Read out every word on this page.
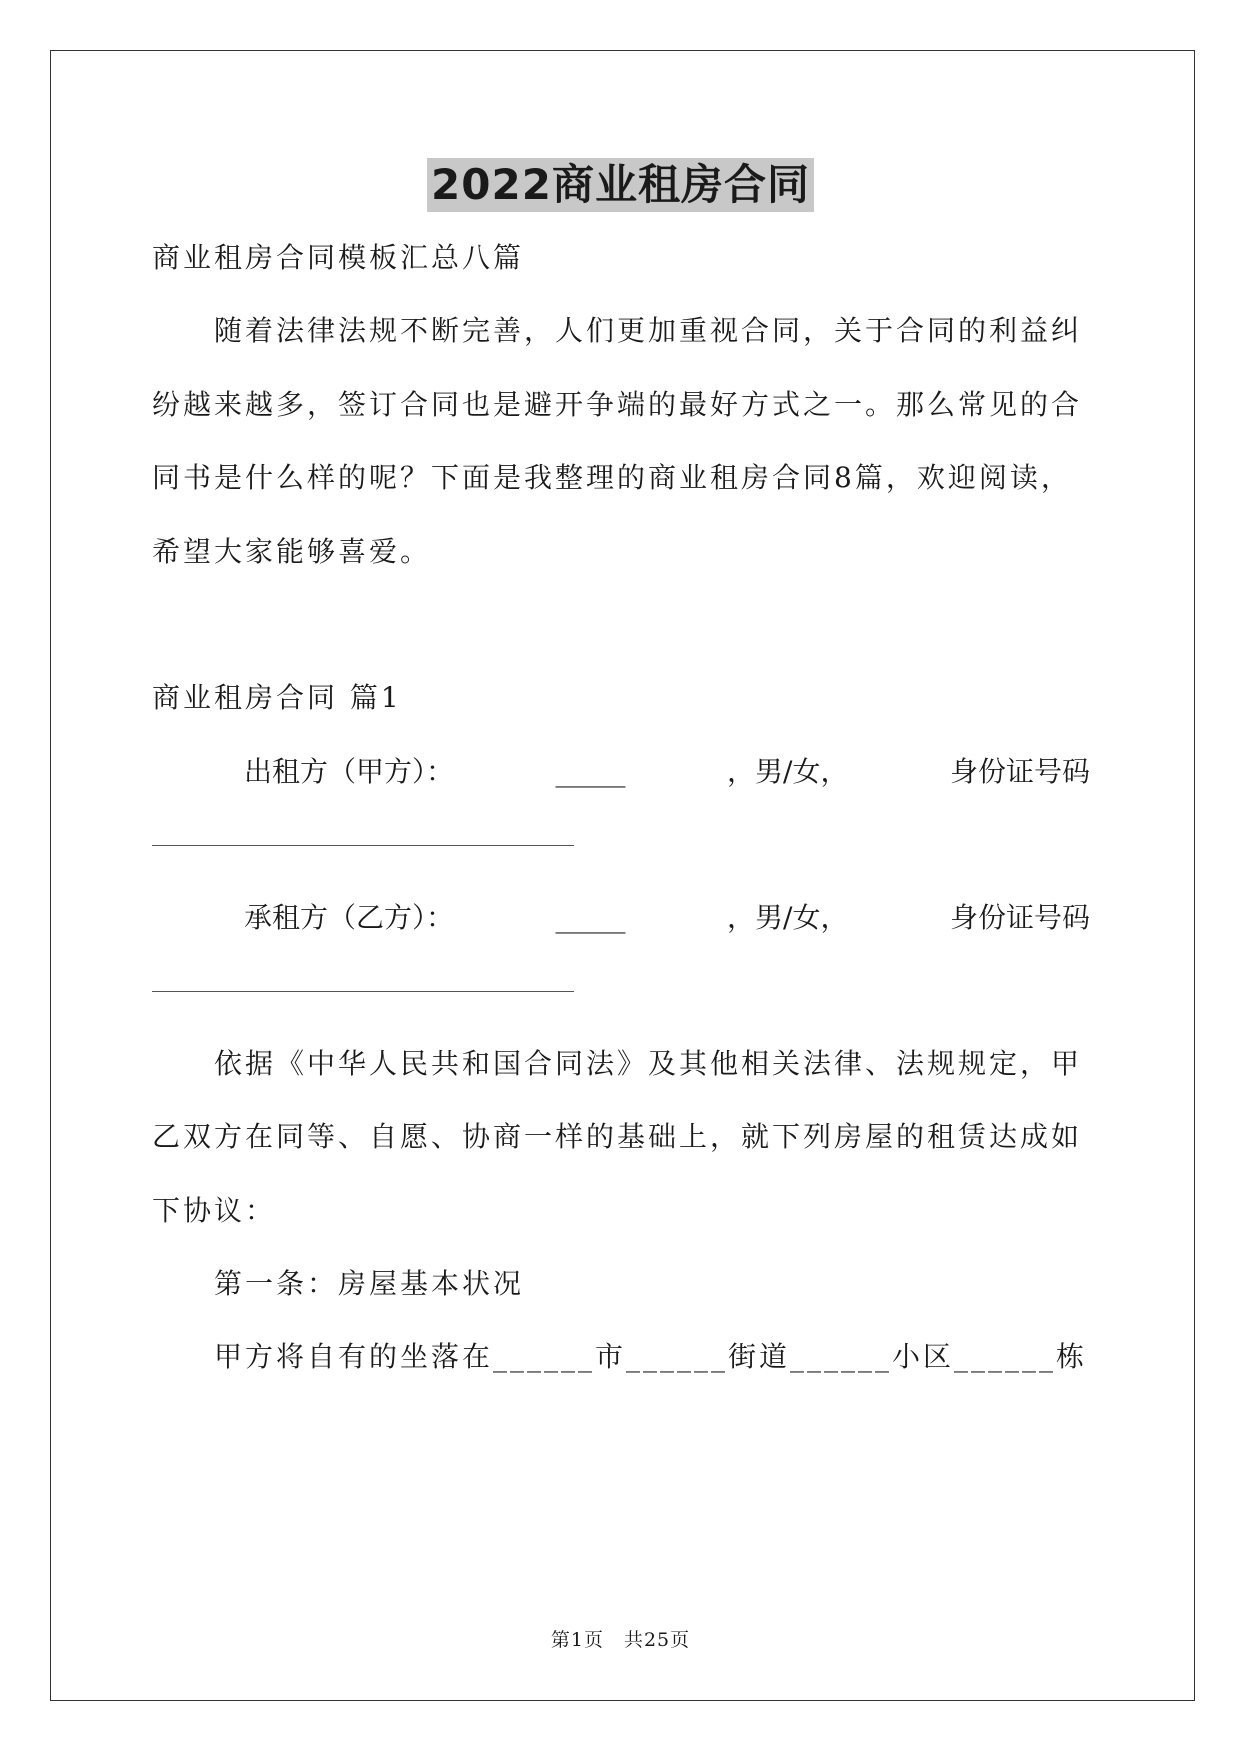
2022商业租房合同
商业租房合同模板汇总八篇
随着法律法规不断完善，人们更加重视合同，关于合同的利益纠
纷越来越多，签订合同也是避开争端的最好方式之一。那么常见的合
同书是什么样的呢？下面是我整理的商业租房合同8篇，欢迎阅读，
希望大家能够喜爱。
商业租房合同 篇1
出租方（甲方）：	_____	，男/女，	身份证号码
承租方（乙方）：	_____	，男/女，	身份证号码
依据《中华人民共和国合同法》及其他相关法律、法规规定，甲
乙双方在同等、自愿、协商一样的基础上，就下列房屋的租赁达成如
下协议：
第一条：房屋基本状况
甲方将自有的坐落在______市______街道______小区______栋
第1页　共25页
